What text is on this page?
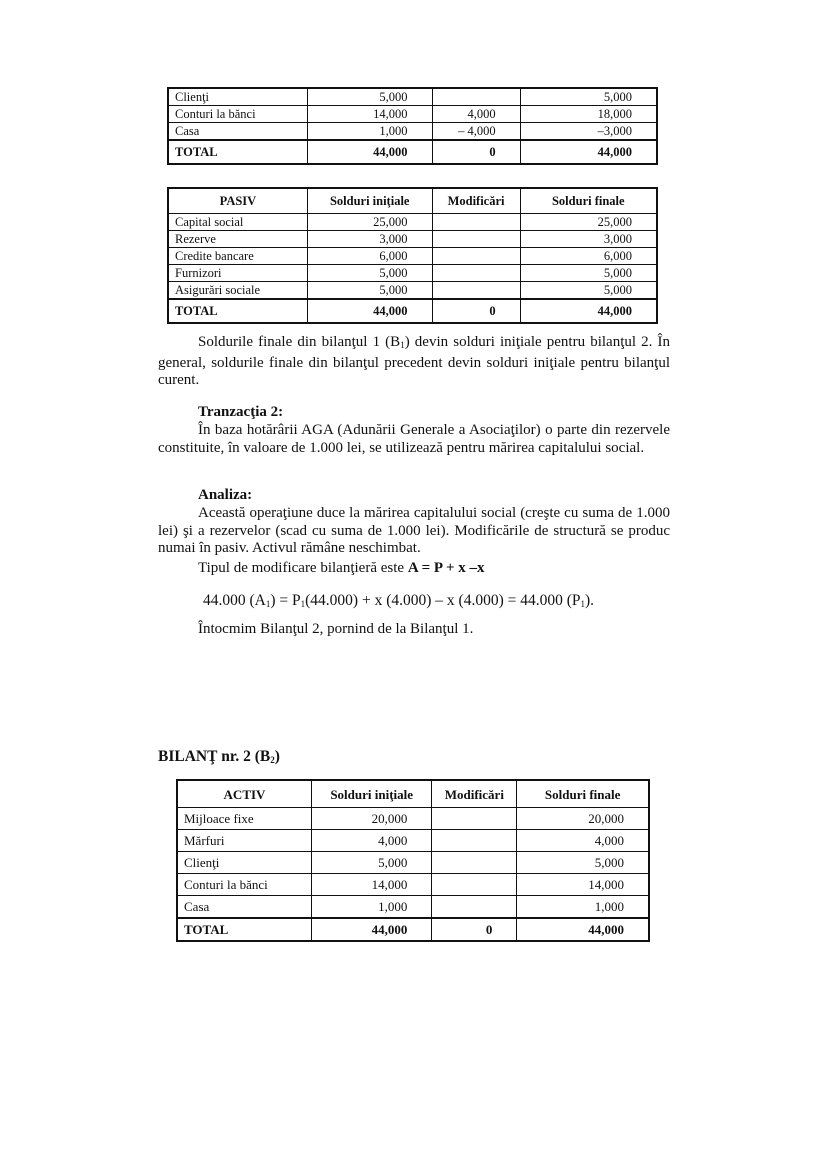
Clienţi	5,000		5,000
Conturi la bănci	14,000	4,000	18,000
Casa	1,000	– 4,000	–3,000
TOTAL	44,000	0	44,000
PASIV	Solduri iniţiale	Modificări	Solduri finale
Capital social	25,000		25,000
Rezerve	3,000		3,000
Credite bancare	6,000		6,000
Furnizori	5,000		5,000
Asigurări sociale	5,000		5,000
TOTAL	44,000	0	44,000
Soldurile finale din bilanţul 1 $(B_1)$ devin solduri iniţiale pentru bilanţul 2. În general, soldurile finale din bilanţul precedent devin solduri iniţiale pentru bilanţul curent.
Tranzacţia 2:
În baza hotărârii AGA (Adunării Generale a Asociaţilor) o parte din rezervele constituite, în valoare de 1.000 lei, se utilizează pentru mărirea capitalului social.
Analiza:
Această operaţiune duce la mărirea capitalului social (creşte cu suma de 1.000 lei) şi a rezervelor (scad cu suma de 1.000 lei). Modificările de structură se produc numai în pasiv. Activul rămâne neschimbat.
Tipul de modificare bilanţieră este A = P + x –x
44.000 $(A_1) = P_1(44.000) + x$ (4.000) – x (4.000) = 44.000 $(P_1)$.
Întocmim Bilanţul 2, pornind de la Bilanţul 1.
BILANŢ nr. 2 $(B_2)$
ACTIV	Solduri iniţiale	Modificări	Solduri finale
Mijloace fixe	20,000		20,000
Mărfuri	4,000		4,000
Clienţi	5,000		5,000
Conturi la bănci	14,000		14,000
Casa	1,000		1,000
TOTAL	44,000	0	44,000
